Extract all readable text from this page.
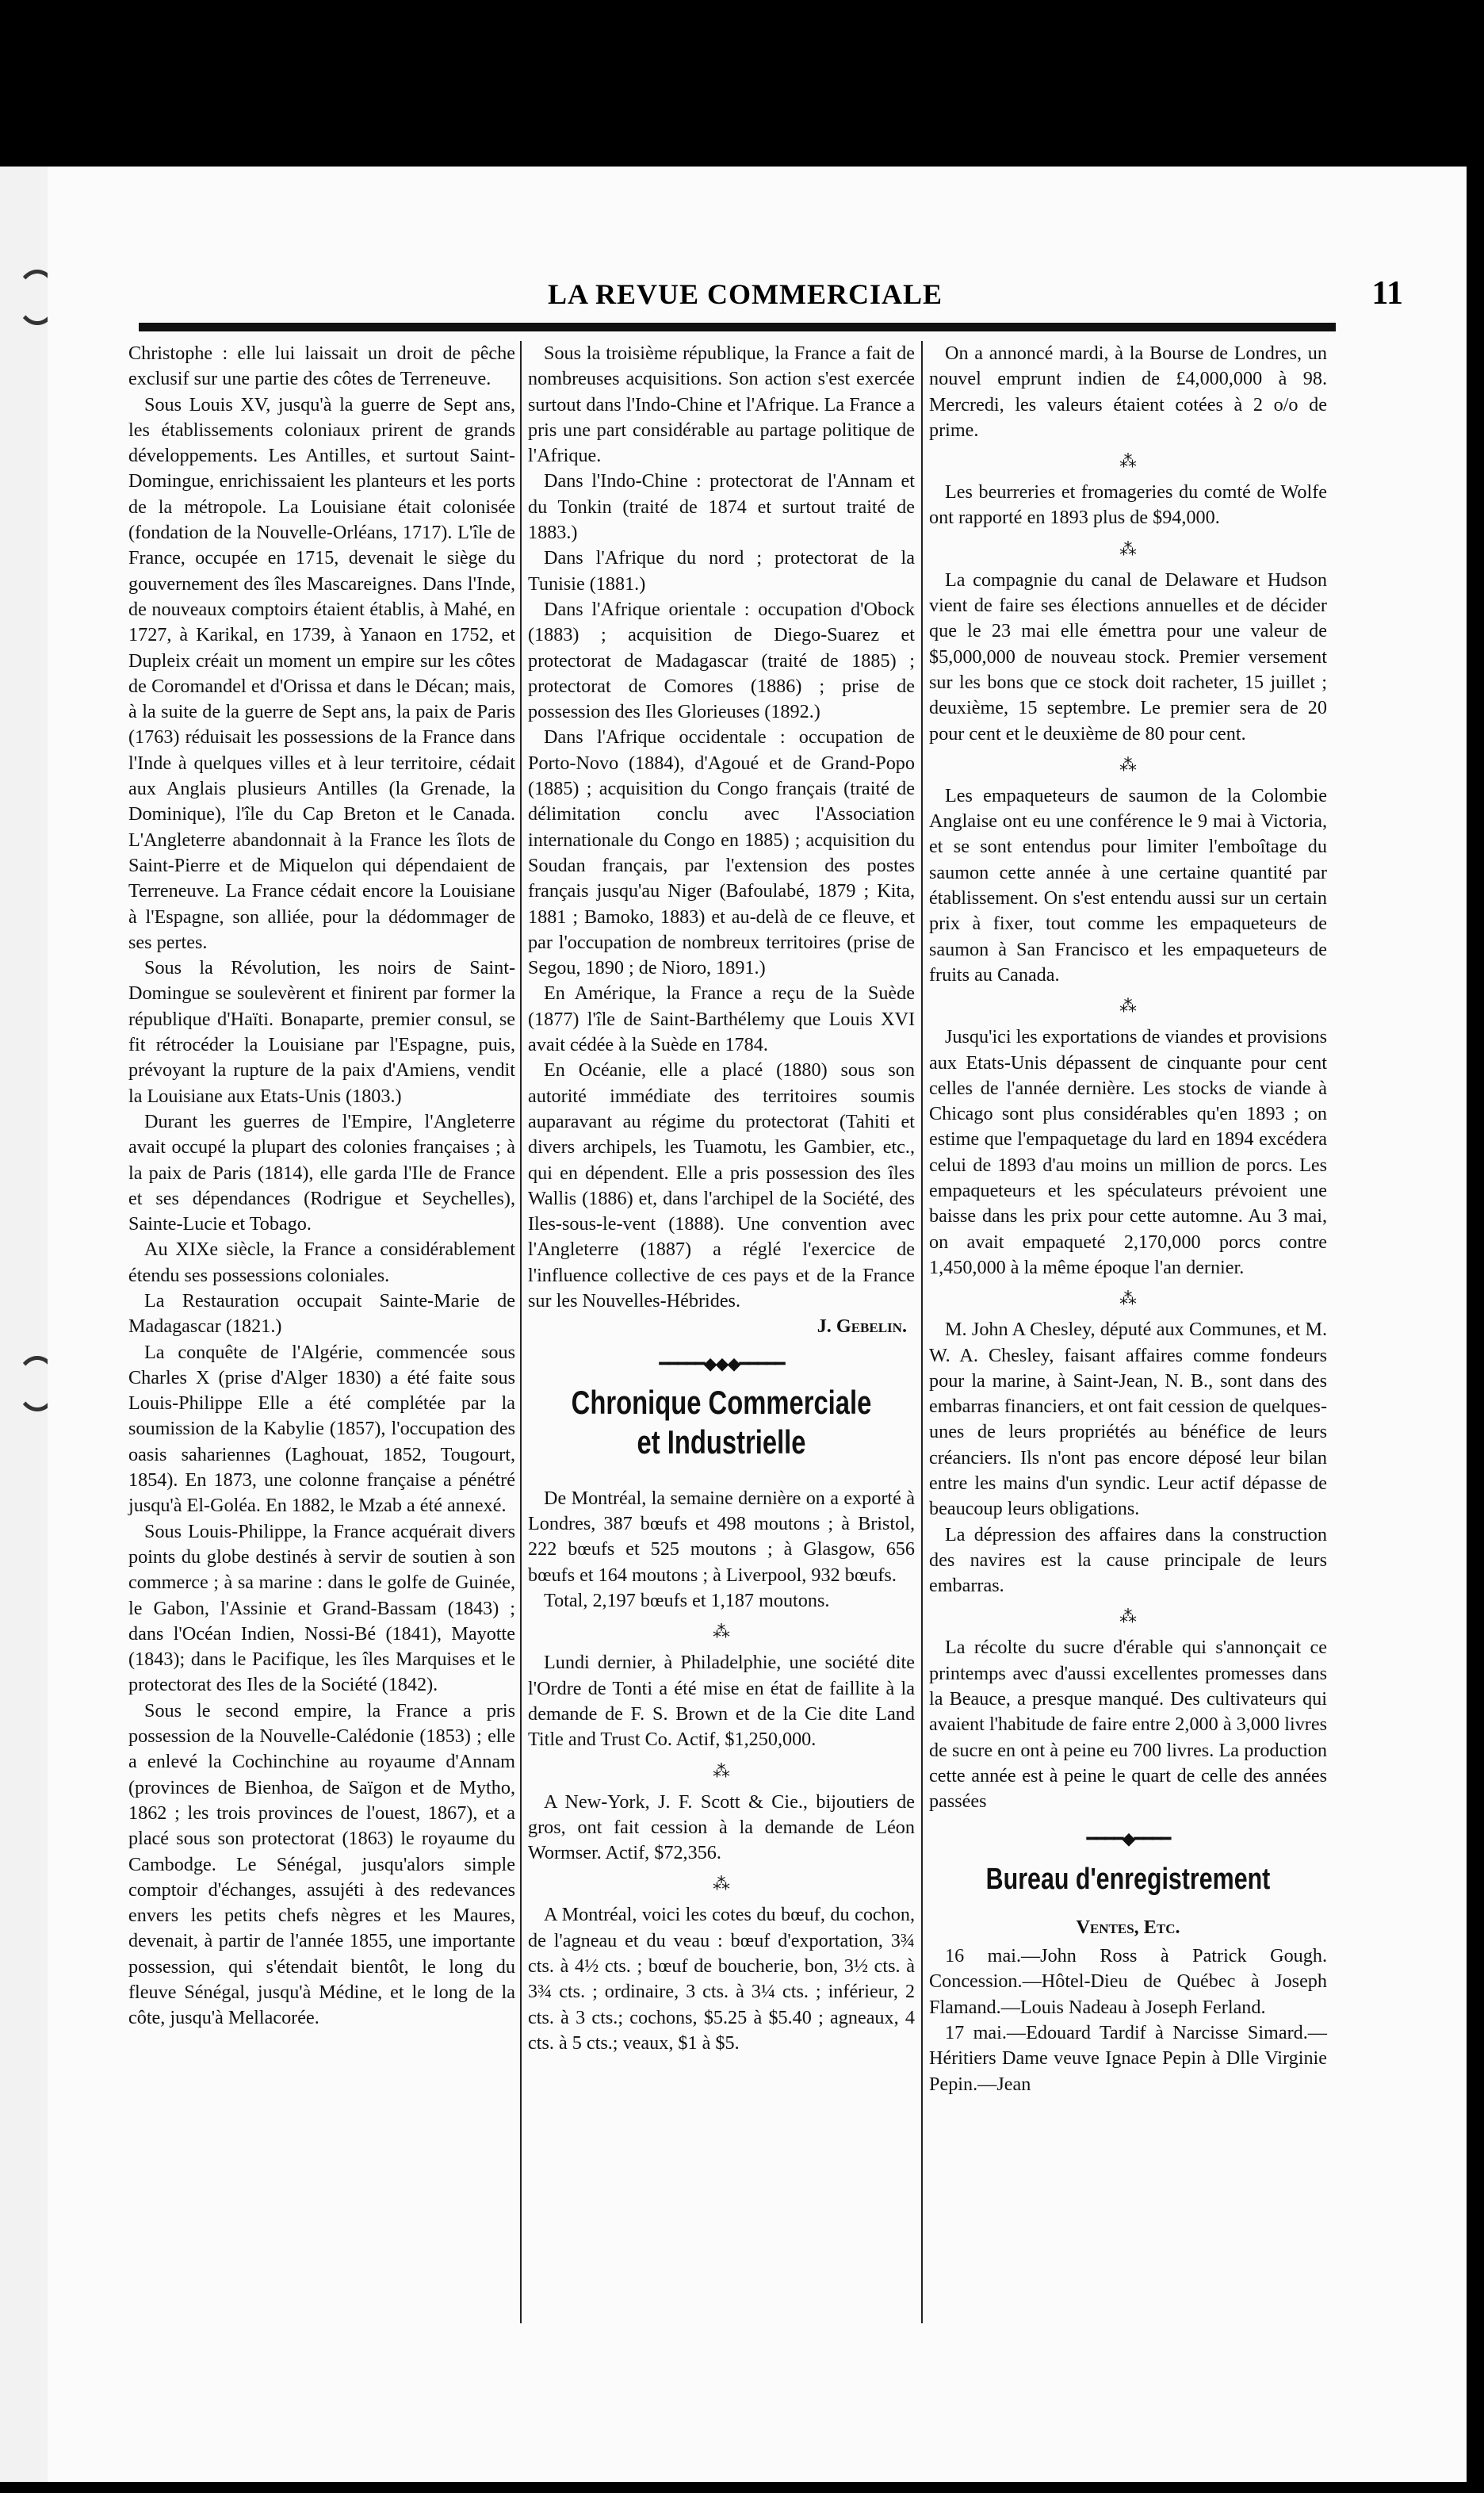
LA REVUE COMMERCIALE	11

Christophe : elle lui laissait un droit de pêche exclusif sur une partie des côtes de Terreneuve.

Sous Louis XV, jusqu'à la guerre de Sept ans, les établissements coloniaux prirent de grands développements. Les Antilles, et surtout Saint-Domingue, enrichissaient les planteurs et les ports de la métropole. La Louisiane était colonisée (fondation de la Nouvelle-Orléans, 1717). L'île de France, occupée en 1715, devenait le siège du gouvernement des îles Mascareignes. Dans l'Inde, de nouveaux comptoirs étaient établis, à Mahé, en 1727, à Karikal, en 1739, à Yanaon en 1752, et Dupleix créait un moment un empire sur les côtes de Coromandel et d'Orissa et dans le Décan; mais, à la suite de la guerre de Sept ans, la paix de Paris (1763) réduisait les possessions de la France dans l'Inde à quelques villes et à leur territoire, cédait aux Anglais plusieurs Antilles (la Grenade, la Dominique), l'île du Cap Breton et le Canada. L'Angleterre abandonnait à la France les îlots de Saint-Pierre et de Miquelon qui dépendaient de Terreneuve. La France cédait encore la Louisiane à l'Espagne, son alliée, pour la dédommager de ses pertes.

Sous la Révolution, les noirs de Saint-Domingue se soulevèrent et finirent par former la république d'Haïti. Bonaparte, premier consul, se fit rétrocéder la Louisiane par l'Espagne, puis, prévoyant la rupture de la paix d'Amiens, vendit la Louisiane aux Etats-Unis (1803.)

Durant les guerres de l'Empire, l'Angleterre avait occupé la plupart des colonies françaises ; à la paix de Paris (1814), elle garda l'Ile de France et ses dépendances (Rodrigue et Seychelles), Sainte-Lucie et Tobago.

Au XIXe siècle, la France a considérablement étendu ses possessions coloniales.

La Restauration occupait Sainte-Marie de Madagascar (1821.)

La conquête de l'Algérie, commencée sous Charles X (prise d'Alger 1830) a été faite sous Louis-Philippe Elle a été complétée par la soumission de la Kabylie (1857), l'occupation des oasis sahariennes (Laghouat, 1852, Tougourt, 1854). En 1873, une colonne française a pénétré jusqu'à El-Goléa. En 1882, le Mzab a été annexé.

Sous Louis-Philippe, la France acquérait divers points du globe destinés à servir de soutien à son commerce ; à sa marine : dans le golfe de Guinée, le Gabon, l'Assinie et Grand-Bassam (1843) ; dans l'Océan Indien, Nossi-Bé (1841), Mayotte (1843); dans le Pacifique, les îles Marquises et le protectorat des Iles de la Société (1842).

Sous le second empire, la France a pris possession de la Nouvelle-Calédonie (1853) ; elle a enlevé la Cochinchine au royaume d'Annam (provinces de Bienhoa, de Saïgon et de Mytho, 1862 ; les trois provinces de l'ouest, 1867), et a placé sous son protectorat (1863) le royaume du Cambodge. Le Sénégal, jusqu'alors simple comptoir d'échanges, assujéti à des redevances envers les petits chefs nègres et les Maures, devenait, à partir de l'année 1855, une importante possession, qui s'étendait bientôt, le long du fleuve Sénégal, jusqu'à Médine, et le long de la côte, jusqu'à Mellacorée.

Sous la troisième république, la France a fait de nombreuses acquisitions. Son action s'est exercée surtout dans l'Indo-Chine et l'Afrique. La France a pris une part considérable au partage politique de l'Afrique.

Dans l'Indo-Chine : protectorat de l'Annam et du Tonkin (traité de 1874 et surtout traité de 1883.)

Dans l'Afrique du nord ; protectorat de la Tunisie (1881.)

Dans l'Afrique orientale : occupation d'Obock (1883) ; acquisition de Diego-Suarez et protectorat de Madagascar (traité de 1885) ; protectorat de Comores (1886) ; prise de possession des Iles Glorieuses (1892.)

Dans l'Afrique occidentale : occupation de Porto-Novo (1884), d'Agoué et de Grand-Popo (1885) ; acquisition du Congo français (traité de délimitation conclu avec l'Association internationale du Congo en 1885) ; acquisition du Soudan français, par l'extension des postes français jusqu'au Niger (Bafoulabé, 1879 ; Kita, 1881 ; Bamoko, 1883) et au-delà de ce fleuve, et par l'occupation de nombreux territoires (prise de Segou, 1890 ; de Nioro, 1891.)

En Amérique, la France a reçu de la Suède (1877) l'île de Saint-Barthélemy que Louis XVI avait cédée à la Suède en 1784.

En Océanie, elle a placé (1880) sous son autorité immédiate des territoires soumis auparavant au régime du protectorat (Tahiti et divers archipels, les Tuamotu, les Gambier, etc., qui en dépendent. Elle a pris possession des îles Wallis (1886) et, dans l'archipel de la Société, des Iles-sous-le-vent (1888). Une convention avec l'Angleterre (1887) a réglé l'exercice de l'influence collective de ces pays et de la France sur les Nouvelles-Hébrides.

J. Gebelin.
━━━━━◆◆◆━━━━━
Chronique Commerciale et Industrielle

De Montréal, la semaine dernière on a exporté à Londres, 387 bœufs et 498 moutons ; à Bristol, 222 bœufs et 525 moutons ; à Glasgow, 656 bœufs et 164 moutons ; à Liverpool, 932 bœufs.

Total, 2,197 bœufs et 1,187 moutons.

⁂

Lundi dernier, à Philadelphie, une société dite l'Ordre de Tonti a été mise en état de faillite à la demande de F. S. Brown et de la Cie dite Land Title and Trust Co. Actif, $1,250,000.

⁂

A New-York, J. F. Scott & Cie., bijoutiers de gros, ont fait cession à la demande de Léon Wormser. Actif, $72,356.

⁂

A Montréal, voici les cotes du bœuf, du cochon, de l'agneau et du veau : bœuf d'exportation, 3¾ cts. à 4½ cts. ; bœuf de boucherie, bon, 3½ cts. à 3¾ cts. ; ordinaire, 3 cts. à 3¼ cts. ; inférieur, 2 cts. à 3 cts.; cochons, $5.25 à $5.40 ; agneaux, 4 cts. à 5 cts.; veaux, $1 à $5.

On a annoncé mardi, à la Bourse de Londres, un nouvel emprunt indien de £4,000,000 à 98. Mercredi, les valeurs étaient cotées à 2 o/o de prime.

⁂

Les beurreries et fromageries du comté de Wolfe ont rapporté en 1893 plus de $94,000.

⁂

La compagnie du canal de Delaware et Hudson vient de faire ses élections annuelles et de décider que le 23 mai elle émettra pour une valeur de $5,000,000 de nouveau stock. Premier versement sur les bons que ce stock doit racheter, 15 juillet ; deuxième, 15 septembre. Le premier sera de 20 pour cent et le deuxième de 80 pour cent.

⁂

Les empaqueteurs de saumon de la Colombie Anglaise ont eu une conférence le 9 mai à Victoria, et se sont entendus pour limiter l'emboîtage du saumon cette année à une certaine quantité par établissement. On s'est entendu aussi sur un certain prix à fixer, tout comme les empaqueteurs de saumon à San Francisco et les empaqueteurs de fruits au Canada.

⁂

Jusqu'ici les exportations de viandes et provisions aux Etats-Unis dépassent de cinquante pour cent celles de l'année dernière. Les stocks de viande à Chicago sont plus considérables qu'en 1893 ; on estime que l'empaquetage du lard en 1894 excédera celui de 1893 d'au moins un million de porcs. Les empaqueteurs et les spéculateurs prévoient une baisse dans les prix pour cette automne. Au 3 mai, on avait empaqueté 2,170,000 porcs contre 1,450,000 à la même époque l'an dernier.

⁂

M. John A Chesley, député aux Communes, et M. W. A. Chesley, faisant affaires comme fondeurs pour la marine, à Saint-Jean, N. B., sont dans des embarras financiers, et ont fait cession de quelques-unes de leurs propriétés au bénéfice de leurs créanciers. Ils n'ont pas encore déposé leur bilan entre les mains d'un syndic. Leur actif dépasse de beaucoup leurs obligations.

La dépression des affaires dans la construction des navires est la cause principale de leurs embarras.

⁂

La récolte du sucre d'érable qui s'annonçait ce printemps avec d'aussi excellentes promesses dans la Beauce, a presque manqué. Des cultivateurs qui avaient l'habitude de faire entre 2,000 à 3,000 livres de sucre en ont à peine eu 700 livres. La production cette année est à peine le quart de celle des années passées

━━━━◆━━━━
Bureau d'enregistrement
Ventes, Etc.

16 mai.—John Ross à Patrick Gough. Concession.—Hôtel-Dieu de Québec à Joseph Flamand.—Louis Nadeau à Joseph Ferland.

17 mai.—Edouard Tardif à Narcisse Simard.—Héritiers Dame veuve Ignace Pepin à Dlle Virginie Pepin.—Jean
